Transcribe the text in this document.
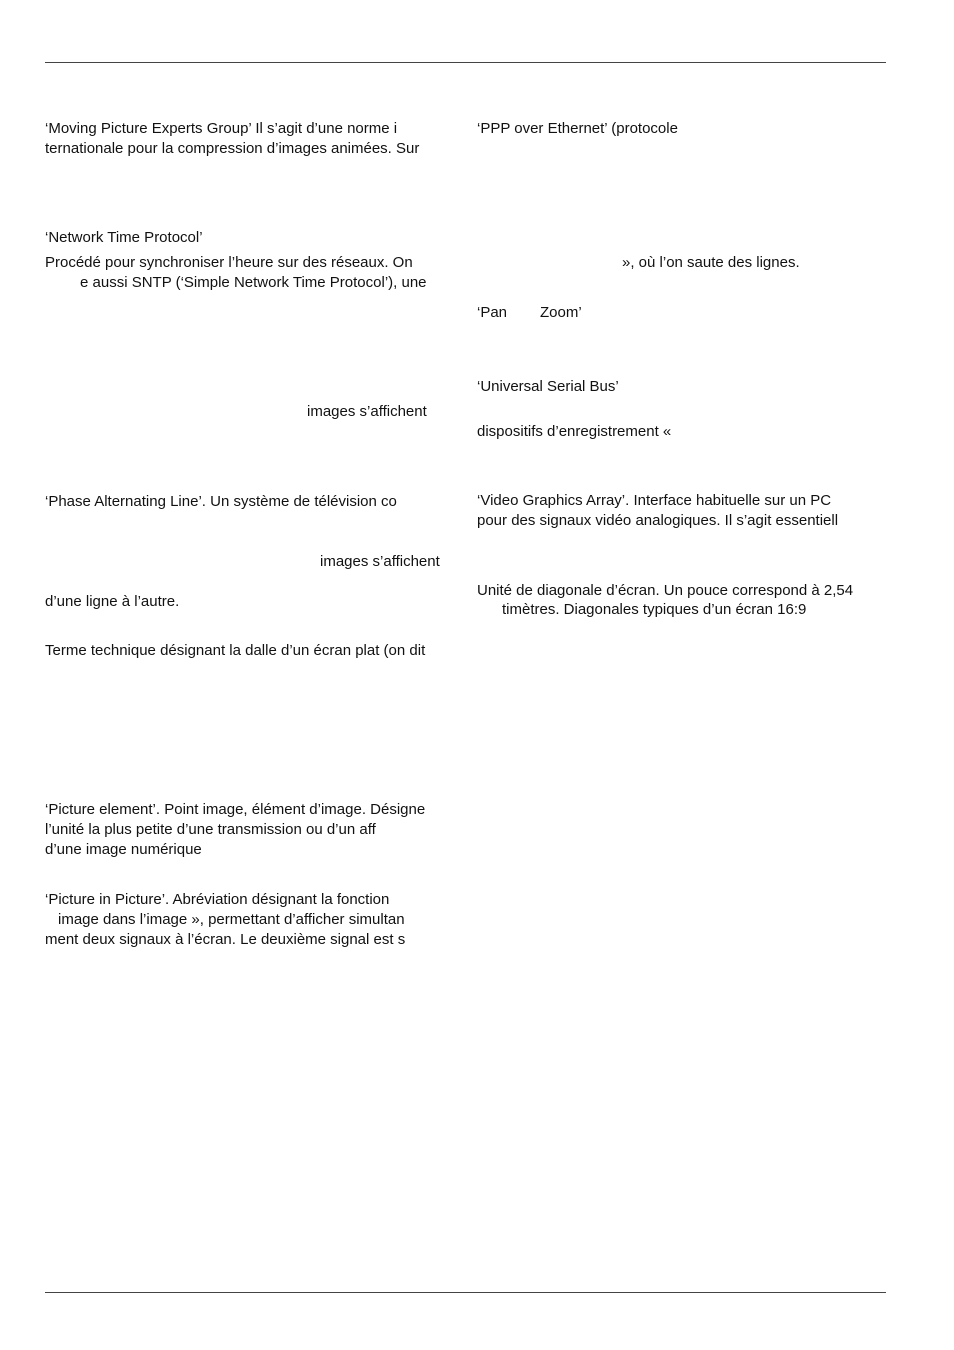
‘Moving Picture Experts Group’ Il s’agit d’une norme i
ternationale pour la compression d’images animées. Sur
‘Network Time Protocol’
Procédé pour synchroniser l’heure sur des réseaux. On
e aussi SNTP (‘Simple Network Time Protocol’), une
images s’affichent
‘Phase Alternating Line’. Un système de télévision co
images s’affichent
d’une ligne à l’autre.
Terme technique désignant la dalle d’un écran plat (on dit
‘Picture element’. Point image, élément d’image. Désigne
l’unité la plus petite d’une transmission ou d’un aff
d’une image numérique
‘Picture in Picture’. Abréviation désignant la fonction
image dans l’image », permettant d’afficher simultan
ment deux signaux à l’écran. Le deuxième signal est s
‘PPP over Ethernet’ (protocole
», où l’on saute des lignes.
‘Pan Zoom’
‘Universal Serial Bus’
dispositifs d’enregistrement «
‘Video Graphics Array’. Interface habituelle sur un PC
pour des signaux vidéo analogiques. Il s’agit essentiell
Unité de diagonale d’écran. Un pouce correspond à 2,54
timètres. Diagonales typiques d’un écran 16:9
